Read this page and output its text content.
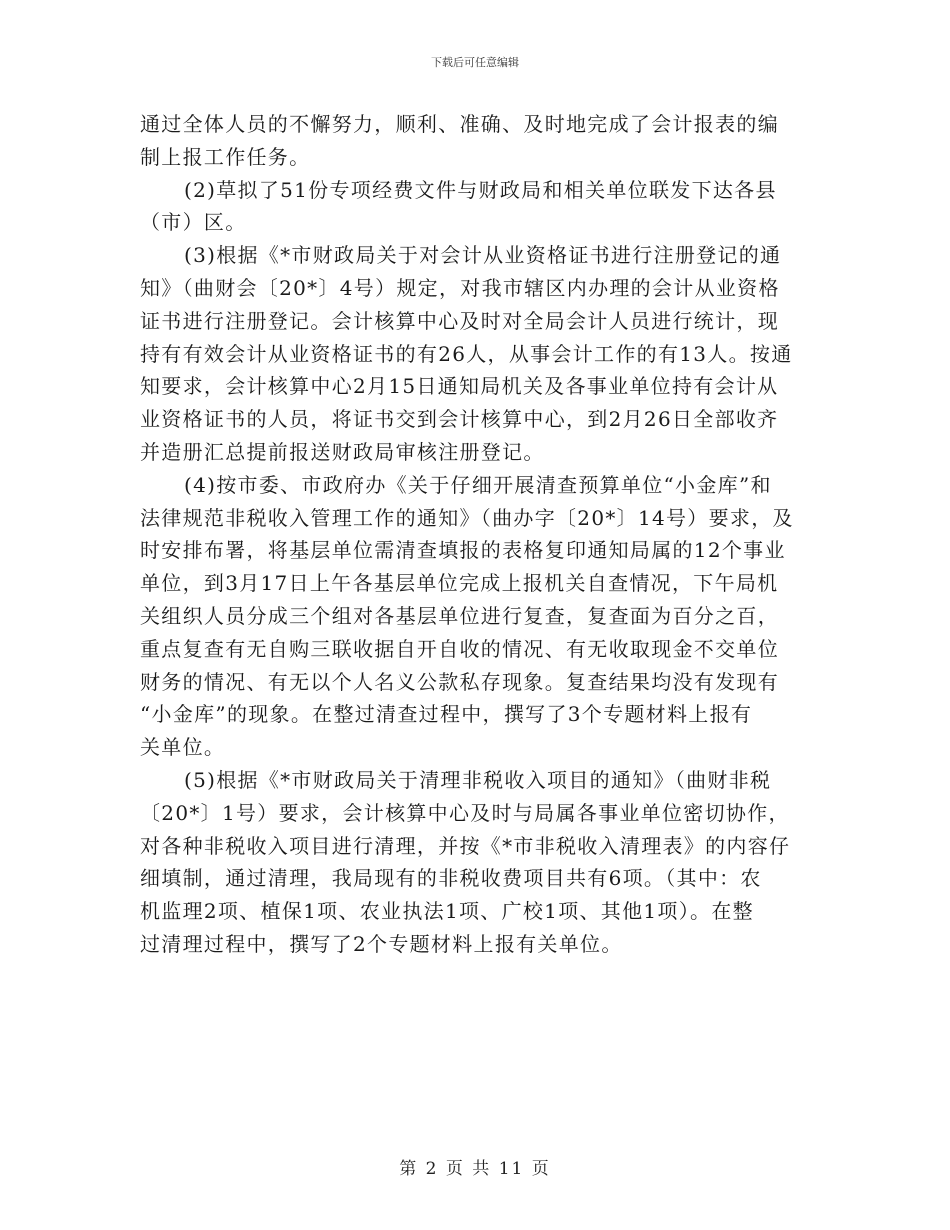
下载后可任意编辑
通过全体人员的不懈努力，顺利、准确、及时地完成了会计报表的编
制上报工作任务。
(2)草拟了51份专项经费文件与财政局和相关单位联发下达各县
（市）区。
(3)根据《*市财政局关于对会计从业资格证书进行注册登记的通
知》（曲财会〔20*〕4号）规定，对我市辖区内办理的会计从业资格
证书进行注册登记。会计核算中心及时对全局会计人员进行统计，现
持有有效会计从业资格证书的有26人，从事会计工作的有13人。按通
知要求，会计核算中心2月15日通知局机关及各事业单位持有会计从
业资格证书的人员，将证书交到会计核算中心，到2月26日全部收齐
并造册汇总提前报送财政局审核注册登记。
(4)按市委、市政府办《关于仔细开展清查预算单位“小金库”和
法律规范非税收入管理工作的通知》（曲办字〔20*〕14号）要求，及
时安排布署，将基层单位需清查填报的表格复印通知局属的12个事业
单位，到3月17日上午各基层单位完成上报机关自查情况，下午局机
关组织人员分成三个组对各基层单位进行复查，复查面为百分之百，
重点复查有无自购三联收据自开自收的情况、有无收取现金不交单位
财务的情况、有无以个人名义公款私存现象。复查结果均没有发现有
“小金库”的现象。在整过清查过程中，撰写了3个专题材料上报有
关单位。
(5)根据《*市财政局关于清理非税收入项目的通知》（曲财非税
〔20*〕1号）要求，会计核算中心及时与局属各事业单位密切协作，
对各种非税收入项目进行清理，并按《*市非税收入清理表》的内容仔
细填制，通过清理，我局现有的非税收费项目共有6项。（其中：农
机监理2项、植保1项、农业执法1项、广校1项、其他1项）。在整
过清理过程中，撰写了2个专题材料上报有关单位。
第 2 页 共 11 页
